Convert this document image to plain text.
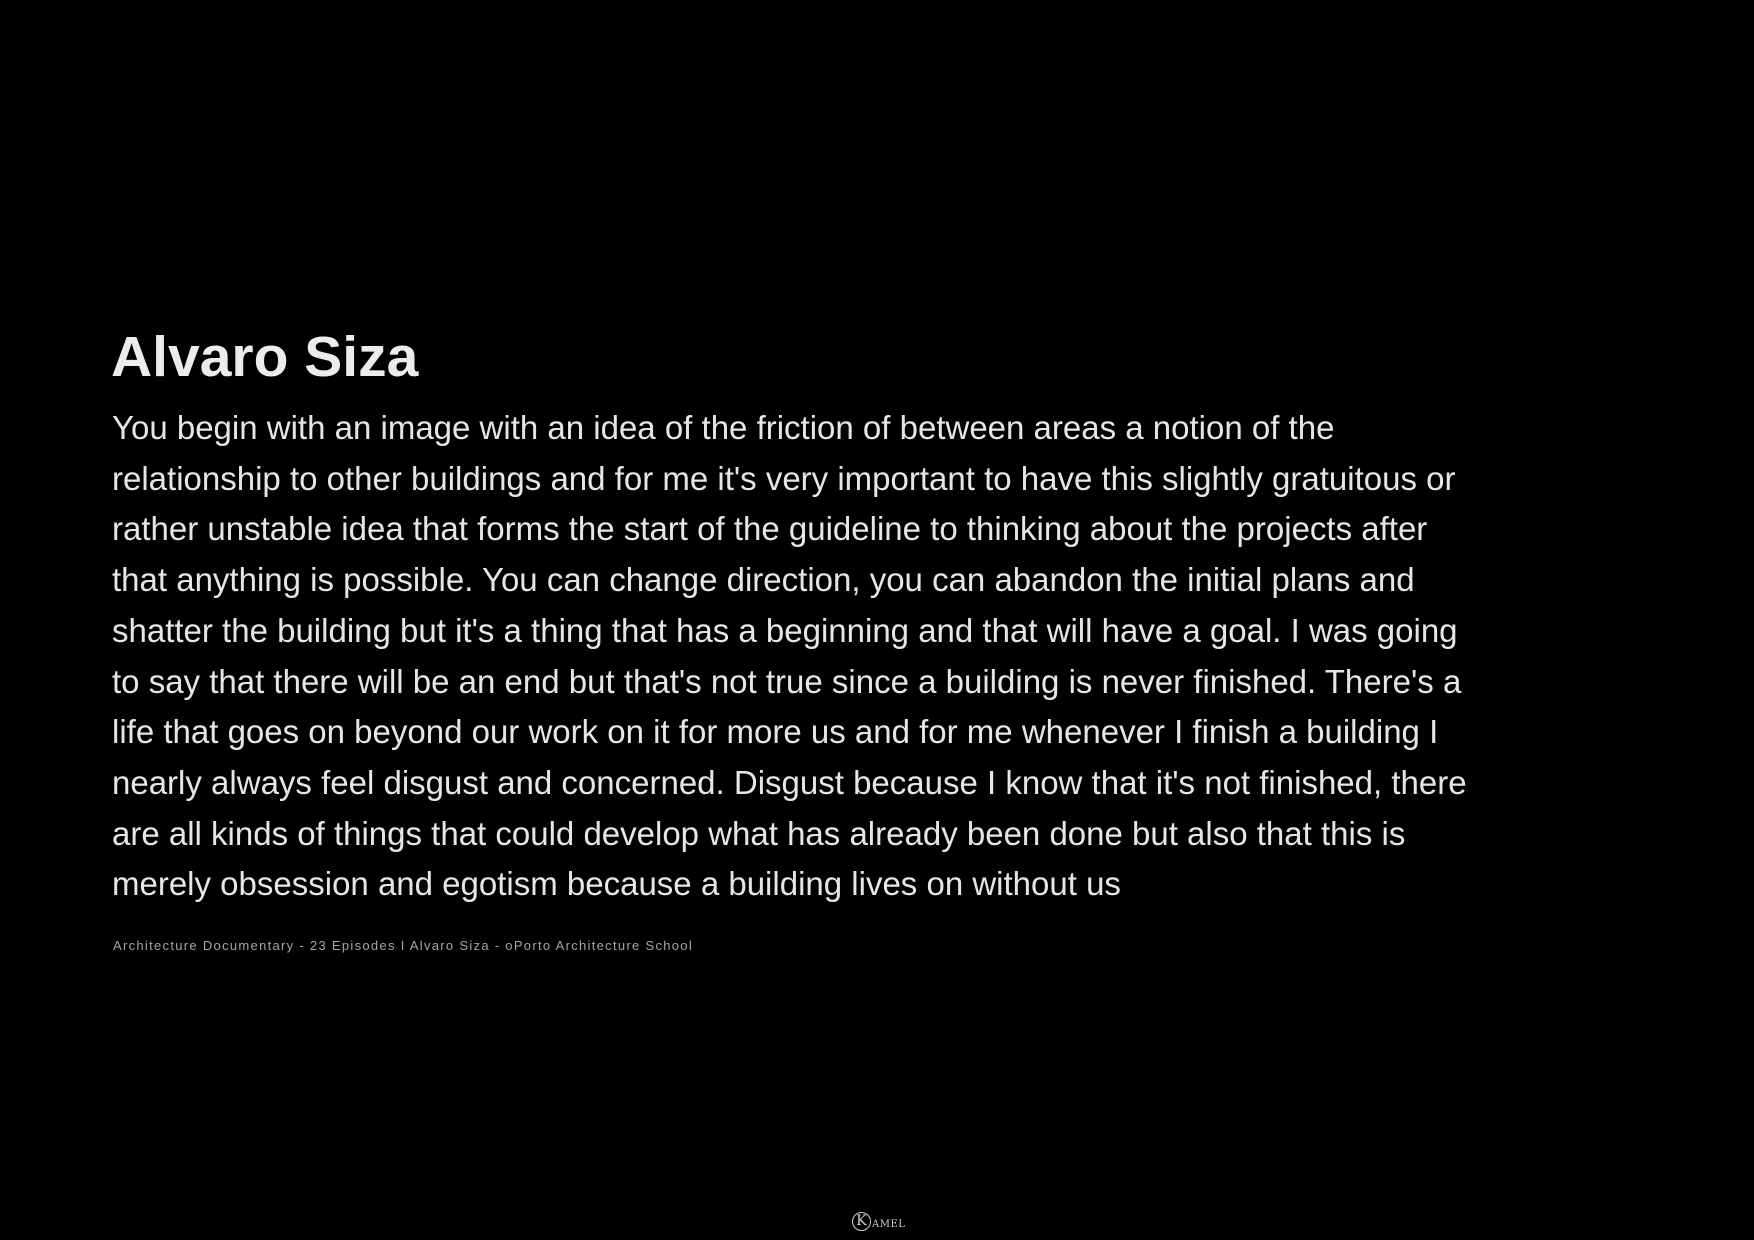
· ·
Alvaro Siza
You begin with an image with an idea of the friction of between areas a notion of the
relationship to other buildings and for me it's very important to have this slightly gratuitous or
rather unstable idea that forms the start of the guideline to thinking about the projects after
that anything is possible. You can change direction, you can abandon the initial plans and
shatter the building but it's a thing that has a beginning and that will have a goal. I was going
to say that there will be an end but that's not true since a building is never finished. There's a
life that goes on beyond our work on it for more us and for me whenever I finish a building I
nearly always feel disgust and concerned. Disgust because I know that it's not finished, there
are all kinds of things that could develop what has already been done but also that this is
merely obsession and egotism because a building lives on without us
Architecture Documentary - 23 Episodes I Alvaro Siza - oPorto Architecture School
K AMEL
